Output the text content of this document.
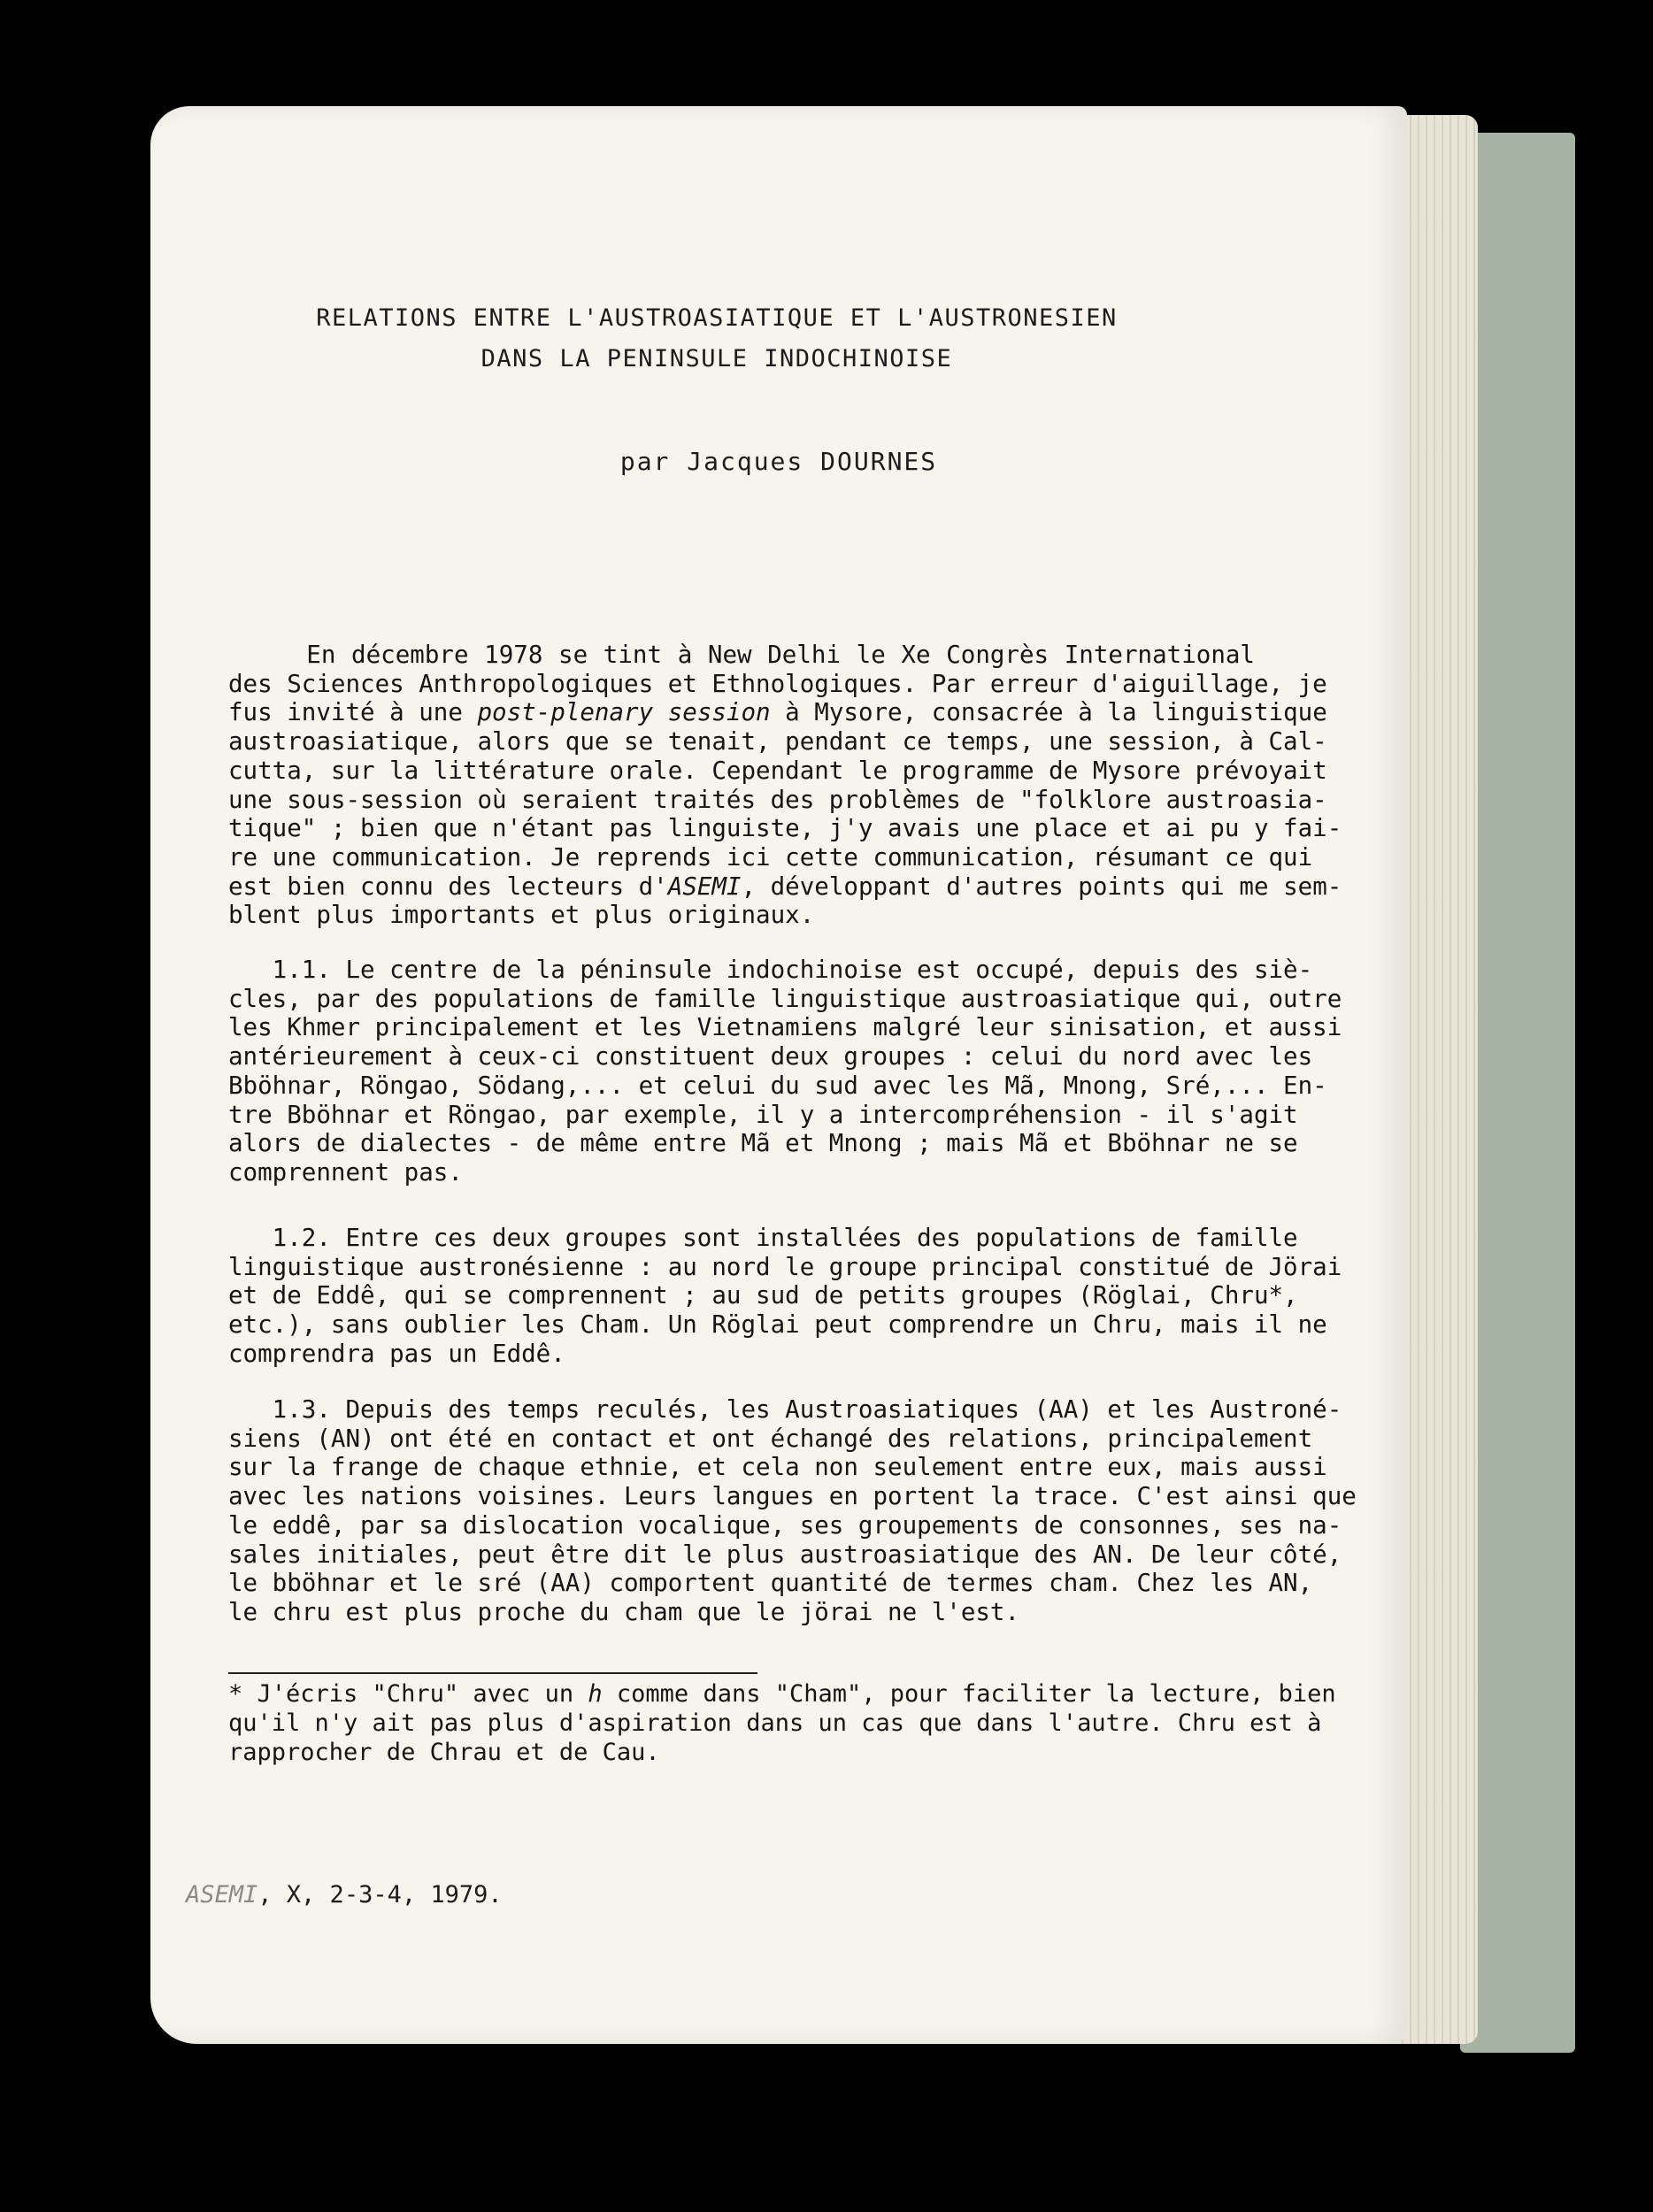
RELATIONS ENTRE L'AUSTROASIATIQUE ET L'AUSTRONESIEN
DANS LA PENINSULE INDOCHINOISE
par Jacques DOURNES
En décembre 1978 se tint à New Delhi le Xe Congrès International
des Sciences Anthropologiques et Ethnologiques. Par erreur d'aiguillage, je
fus invité à une post-plenary session à Mysore, consacrée à la linguistique
austroasiatique, alors que se tenait, pendant ce temps, une session, à Cal-
cutta, sur la littérature orale. Cependant le programme de Mysore prévoyait
une sous-session où seraient traités des problèmes de "folklore austroasia-
tique" ; bien que n'étant pas linguiste, j'y avais une place et ai pu y fai-
re une communication. Je reprends ici cette communication, résumant ce qui
est bien connu des lecteurs d'ASEMI, développant d'autres points qui me sem-
blent plus importants et plus originaux.
1.1. Le centre de la péninsule indochinoise est occupé, depuis des siè-
cles, par des populations de famille linguistique austroasiatique qui, outre
les Khmer principalement et les Vietnamiens malgré leur sinisation, et aussi
antérieurement à ceux-ci constituent deux groupes : celui du nord avec les
Bböhnar, Röngao, Södang,... et celui du sud avec les Mã, Mnong, Sré,... En-
tre Bböhnar et Röngao, par exemple, il y a intercompréhension - il s'agit
alors de dialectes - de même entre Mã et Mnong ; mais Mã et Bböhnar ne se
comprennent pas.
1.2. Entre ces deux groupes sont installées des populations de famille
linguistique austronésienne : au nord le groupe principal constitué de Jörai
et de Eddê, qui se comprennent ; au sud de petits groupes (Röglai, Chru*,
etc.), sans oublier les Cham. Un Röglai peut comprendre un Chru, mais il ne
comprendra pas un Eddê.
1.3. Depuis des temps reculés, les Austroasiatiques (AA) et les Austroné-
siens (AN) ont été en contact et ont échangé des relations, principalement
sur la frange de chaque ethnie, et cela non seulement entre eux, mais aussi
avec les nations voisines. Leurs langues en portent la trace. C'est ainsi que
le eddê, par sa dislocation vocalique, ses groupements de consonnes, ses na-
sales initiales, peut être dit le plus austroasiatique des AN. De leur côté,
le bböhnar et le sré (AA) comportent quantité de termes cham. Chez les AN,
le chru est plus proche du cham que le jörai ne l'est.
* J'écris "Chru" avec un h comme dans "Cham", pour faciliter la lecture, bien
qu'il n'y ait pas plus d'aspiration dans un cas que dans l'autre. Chru est à
rapprocher de Chrau et de Cau.
ASEMI, X, 2-3-4, 1979.
